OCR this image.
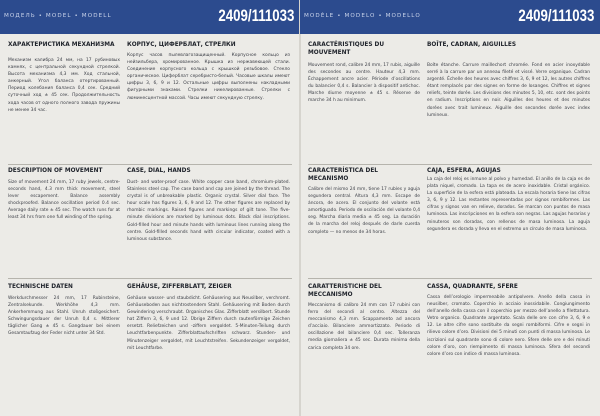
МОДЕЛЬ • MODEL • MODELL	2409/111033
ХАРАКТЕРИСТИКА МЕХАНИЗМА
Механизм калибра 24 мм, на 17 рубиновых камнях, с центральной секундной стрелкой. Высота механизма 4,3 мм. Ход стальной, анкерный. Угол баланса отертированный. Период колебания баланса 0,4 сек. Средний суточный ход ± 45 сек. Продолжительность хода часов от одного полного завода пружины не менее 34 час.
КОРПУС, ЦИФЕРБЛАТ, СТРЕЛКИ
Корпус часов пылевлагозащищенный. Корпусное кольцо из нейзильбера, хромированное. Крышка из нержавеющей стали. Соединение корпусного кольца с крышкой резьбовое. Стекло органическое. Циферблат серебристо-белый. Часовые шкалы имеют цифры 3, 6, 9 и 12. Остальные цифры выполнены накладными фигурными знаками. Стрелки никелированные. Стрелки с люминесцентной массой. Часы имеют секундную стрелку.
DESCRIPTION OF MOVEMENT
Size of movement 24 mm, 17 ruby jewels, centre-seconds hand, 4.3 mm thick movement, steel lever escapement. Balance assembly shockproofed. Balance oscillation period 0.4 sec. Average daily rate ± 45 sec. The watch runs for at least 34 hrs from one full winding of the spring.
CASE, DIAL, HANDS
Dust- and water-proof case. White copper case band, chromium-plated. Stainless steel cap. The case band and cap are joined by the thread. The crystal is of unbreakable plastic. Organic crystal. Silver dial face. The hour scale has figures 3, 6, 9 and 12. The other figures are replaced by rhombic markings. Raised figures and markings of gilt tone. The five-minute divisions are marked by luminous dots. Black dial inscriptions. Gold-filled hour and minute hands with luminous lines running along the centre. Gold-filled seconds hand with circular indicator, coated with a luminous substance.
TECHNISCHE DATEN
Werkdurchmesser 24 mm, 17 Rubinsteine, Zentralsekunde. Werkhöhe 4,3 mm. Ankerhemmung aus Stahl. Unruh stoßgesichert. Schwingungsdauer der Unruh 0,4 s. Mittlerer täglicher Gang ± 45 s. Gangdauer bei einem Gesamtaufzug der Feder nicht unter 34 Std.
GEHÄUSE, ZIFFERBLATT, ZEIGER
Gehäuse wasser- und staubdicht. Gehäusering aus Neusilber, verchromt. Gehäuseboden aus nichtrostendem Stahl. Gehäusering mit Boden durch Gewindering verschraubt. Organisches Glas. Zifferblatt versilbert. Stunde hat Ziffern 3, 6, 9 und 12. Übrige Ziffern durch rautenförmige Zeichen ersetzt. Reliefzeichen und -ziffern vergoldet. 5-Minuten-Teilung durch Leuchtfarbenpunkte. Zifferblattaufschriften schwarz. Stunden- und Minutenzeiger vergoldet, mit Leuchtstreifen. Sekundenzeiger vergoldet, mit Leuchtfarbe.
MODÈLE • MODELO • MODELLO	2409/111033
CARACTÉRISTIQUES DU MOUVEMENT
Mouvement rond, calibre 24 mm, 17 rubis, aiguille des secondes au centre. Hauteur 4,3 mm. Échappement ancre acier. Période d’oscillations du balancier 0,4 s. Balancier à dispositif antichoc. Marche diurne moyenne ± 45 s. Réserve de marche 34 h au minimum.
BOÎTE, CADRAN, AIGUILLES
Boîte étanche. Carrure maillechort chromée. Fond en acier inoxydable serré à la carrure par un anneau fileté et vissé. Verre organique. Cadran argenté. Échelle des heures avec chiffres 3, 6, 9 et 12, les autres chiffres étant remplacés par des signes en forme de losanges. Chiffres et signes reliefs, teinte dorée. Les divisions des minutes 5, 10, etc. sont des points en radium. Inscriptions en noir. Aiguilles des heures et des minutes dorées avec trait lumineux. Aiguille des secondes dorée avec index lumineux.
CARACTERÍSTICA DEL MECANISMO
Calibre del mismo 24 mm, tiene 17 rubíes y aguja segundera central. Altura 4,3 mm. Escape de áncora, de acero. El conjunto del volante está amortiguado. Período de oscilación del volante 0,4 seg. Marcha diaria media ± 45 seg. La duración de la marcha del reloj después de darle cuerda completo — no menos de 34 horas.
CAJA, ESFERA, AGUJAS
La caja del reloj es inmune al polvo y humedad. El anillo de la caja es de plata niquel, cromado. La tapa es de acero inoxidable. Cristal orgánico. La superficie de la esfera está plateada. La escala horaria tiene las cifras 3, 6, 9 y 12. Las restantes representadas por signos rombiformes. Las cifras y signos van en relieve, dorados. Se marcan con puntos de masa luminosa. Las inscripciones en la esfera son negras. Las agujas horarias y minuteros son doradas, con rellenos de masa luminosa. La aguja segundera es dorada y lleva en el extremo un círculo de masa luminosa.
CARATTERISTICHE DEL MECCANISMO
Meccanismo di calibro 24 mm con 17 rubini con ferro del secondi al centro. Altezza del meccanismo 4,3 mm. Scappamento ad ancora d’acciaio. Bilanciere ammortizzato. Periodo di oscillazione del bilanciere 0,4 sec. Tolleranza media giornaliera ± 45 sec. Durata minima della carica completa 34 ore.
CASSA, QUADRANTE, SFERE
Cassa dell’orologio impermeabile antipolvere. Anello della cassa in neusilber, cromato. Coperchio in acciaio inossidabile. Congiungimento dell’anello della cassa con il coperchio per mezzo dell’anello a filettatura. Vetro organico. Quadrante argentato. Scala delle ore con cifre 3, 6, 9 e 12. Le altre cifre sono sostituite da segni rombiformi. Cifre e segni in rilievo colore d’oro. Divisioni dei 5 minuti con punti di massa luminosa. Le iscrizioni sul quadrante sono di colore nero. Sfere delle ore e dei minuti colore d’oro, con riempimento di massa luminosa. Sfera del secondi colore d’oro con indice di massa luminosa.
